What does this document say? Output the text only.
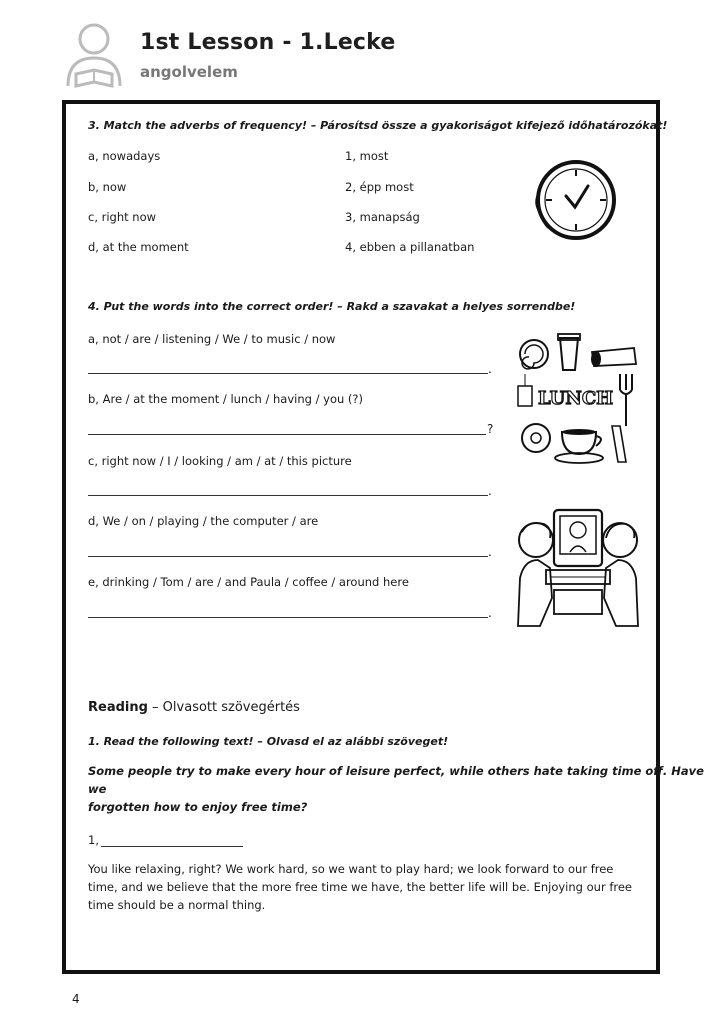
1st Lesson - 1.Lecke
angolvelem
3. Match the adverbs of frequency! – Párosítsd össze a gyakoriságot kifejező időhatározókat!
a, nowadays
b, now
c, right now
d, at the moment
1, most
2, épp most
3, manapság
4, ebben a pillanatban
4. Put the words into the correct order! – Rakd a szavakat a helyes sorrendbe!
a, not / are / listening / We / to music / now
.
b, Are / at the moment / lunch / having / you (?)
?
c, right now / I / looking / am / at / this picture
.
d, We / on / playing / the computer / are
.
e, drinking / Tom / are / and Paula / coffee / around here
.
LUNCH
Reading – Olvasott szövegértés
1. Read the following text! – Olvasd el az alábbi szöveget!
Some people try to make every hour of leisure perfect, while others hate taking time off. Have we
forgotten how to enjoy free time?
1,
You like relaxing, right? We work hard, so we want to play hard; we look forward to our free
time, and we believe that the more free time we have, the better life will be. Enjoying our free
time should be a normal thing.
4
